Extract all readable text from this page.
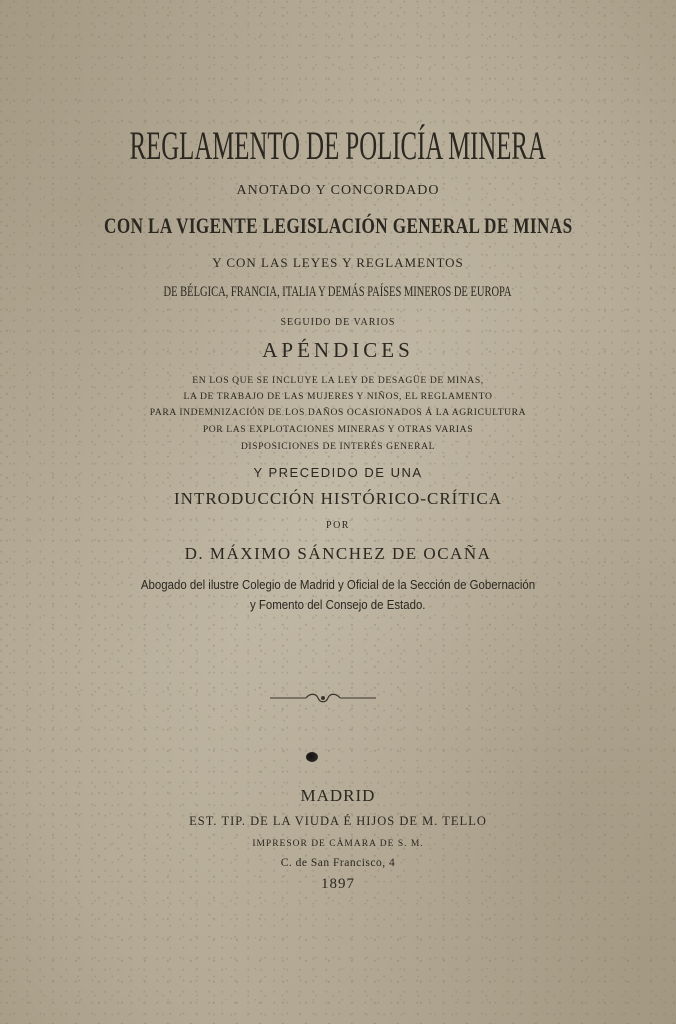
REGLAMENTO DE POLICÍA MINERA
ANOTADO Y CONCORDADO
CON LA VIGENTE LEGISLACIÓN GENERAL DE MINAS
Y CON LAS LEYES Y REGLAMENTOS
DE BÉLGICA, FRANCIA, ITALIA Y DEMÁS PAÍSES MINEROS DE EUROPA
SEGUIDO DE VARIOS
APÉNDICES
EN LOS QUE SE INCLUYE LA LEY DE DESAGÜE DE MINAS,
LA DE TRABAJO DE LAS MUJERES Y NIÑOS, EL REGLAMENTO
PARA INDEMNIZACIÓN DE LOS DAÑOS OCASIONADOS Á LA AGRICULTURA
POR LAS EXPLOTACIONES MINERAS Y OTRAS VARIAS
DISPOSICIONES DE INTERÉS GENERAL
Y PRECEDIDO DE UNA
INTRODUCCIÓN HISTÓRICO-CRÍTICA
POR
D. MÁXIMO SÁNCHEZ DE OCAÑA
Abogado del ilustre Colegio de Madrid y Oficial de la Sección de Gobernación
y Fomento del Consejo de Estado.
MADRID
EST. TIP. DE LA VIUDA É HIJOS DE M. TELLO
IMPRESOR DE CÁMARA DE S. M.
C. de San Francisco, 4
1897
